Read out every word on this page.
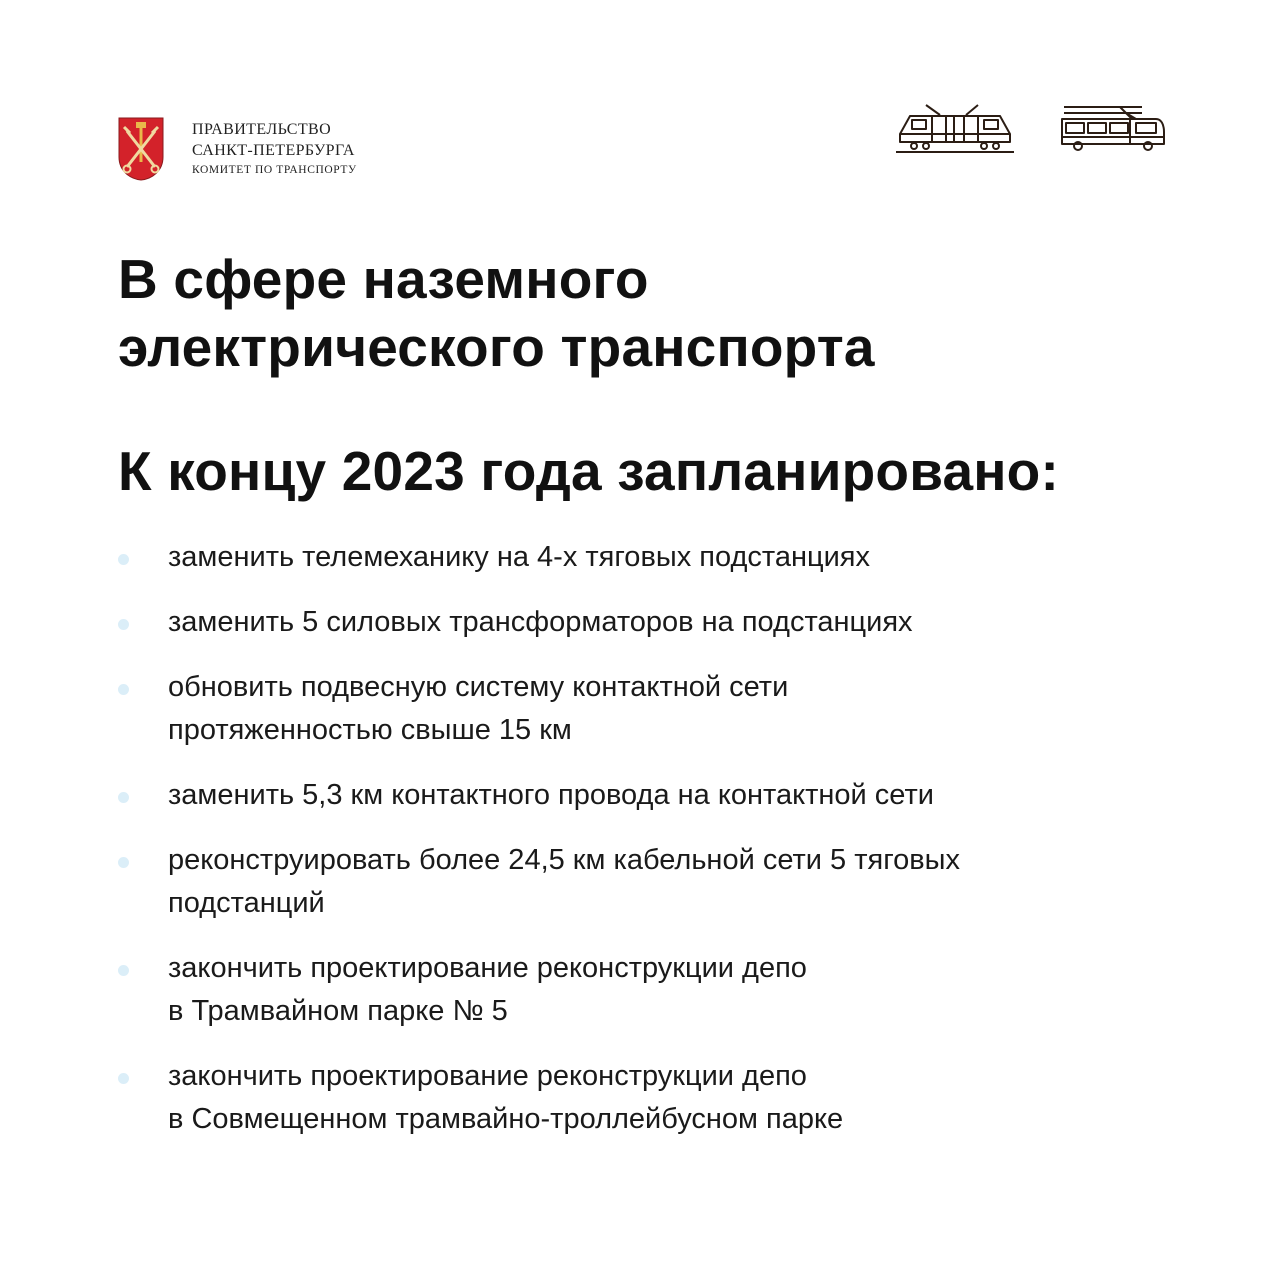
ПРАВИТЕЛЬСТВО
САНКТ-ПЕТЕРБУРГА
КОМИТЕТ ПО ТРАНСПОРТУ
В сфере наземного
электрического транспорта
К концу 2023 года запланировано:
заменить телемеханику на 4-х тяговых подстанциях
заменить 5 силовых трансформаторов на подстанциях
обновить подвесную систему контактной сети
протяженностью свыше 15 км
заменить 5,3 км контактного провода на контактной сети
реконструировать более 24,5 км кабельной сети 5 тяговых
подстанций
закончить проектирование реконструкции депо
в Трамвайном парке № 5
закончить проектирование реконструкции депо
в Совмещенном трамвайно-троллейбусном парке
